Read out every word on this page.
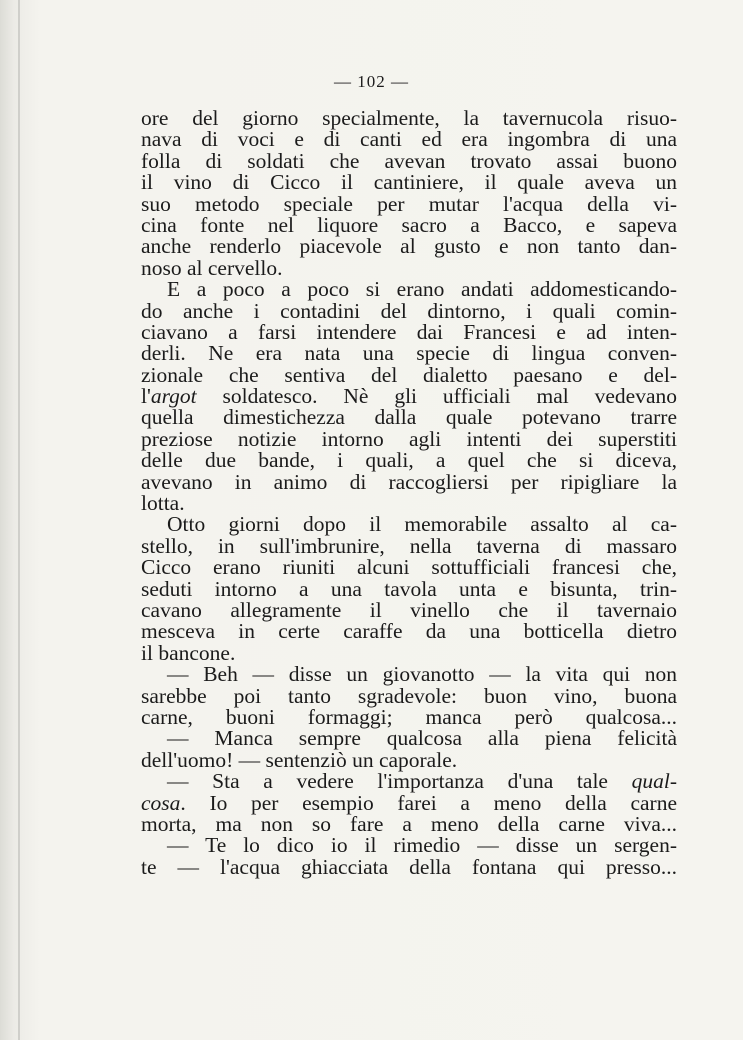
— 102 —
ore del giorno specialmente, la tavernucola risuo-
nava di voci e di canti ed era ingombra di una
folla di soldati che avevan trovato assai buono
il vino di Cicco il cantiniere, il quale aveva un
suo metodo speciale per mutar l'acqua della vi-
cina fonte nel liquore sacro a Bacco, e sapeva
anche renderlo piacevole al gusto e non tanto dan-
noso al cervello.
E a poco a poco si erano andati addomesticando-
do anche i contadini del dintorno, i quali comin-
ciavano a farsi intendere dai Francesi e ad inten-
derli. Ne era nata una specie di lingua conven-
zionale che sentiva del dialetto paesano e del-
l'argot soldatesco. Nè gli ufficiali mal vedevano
quella dimestichezza dalla quale potevano trarre
preziose notizie intorno agli intenti dei superstiti
delle due bande, i quali, a quel che si diceva,
avevano in animo di raccogliersi per ripigliare la
lotta.
Otto giorni dopo il memorabile assalto al ca-
stello, in sull'imbrunire, nella taverna di massaro
Cicco erano riuniti alcuni sottufficiali francesi che,
seduti intorno a una tavola unta e bisunta, trin-
cavano allegramente il vinello che il tavernaio
mesceva in certe caraffe da una botticella dietro
il bancone.
— Beh — disse un giovanotto — la vita qui non
sarebbe poi tanto sgradevole: buon vino, buona
carne, buoni formaggi; manca però qualcosa...
— Manca sempre qualcosa alla piena felicità
dell'uomo! — sentenziò un caporale.
— Sta a vedere l'importanza d'una tale qual-
cosa. Io per esempio farei a meno della carne
morta, ma non so fare a meno della carne viva...
— Te lo dico io il rimedio — disse un sergen-
te — l'acqua ghiacciata della fontana qui presso...
